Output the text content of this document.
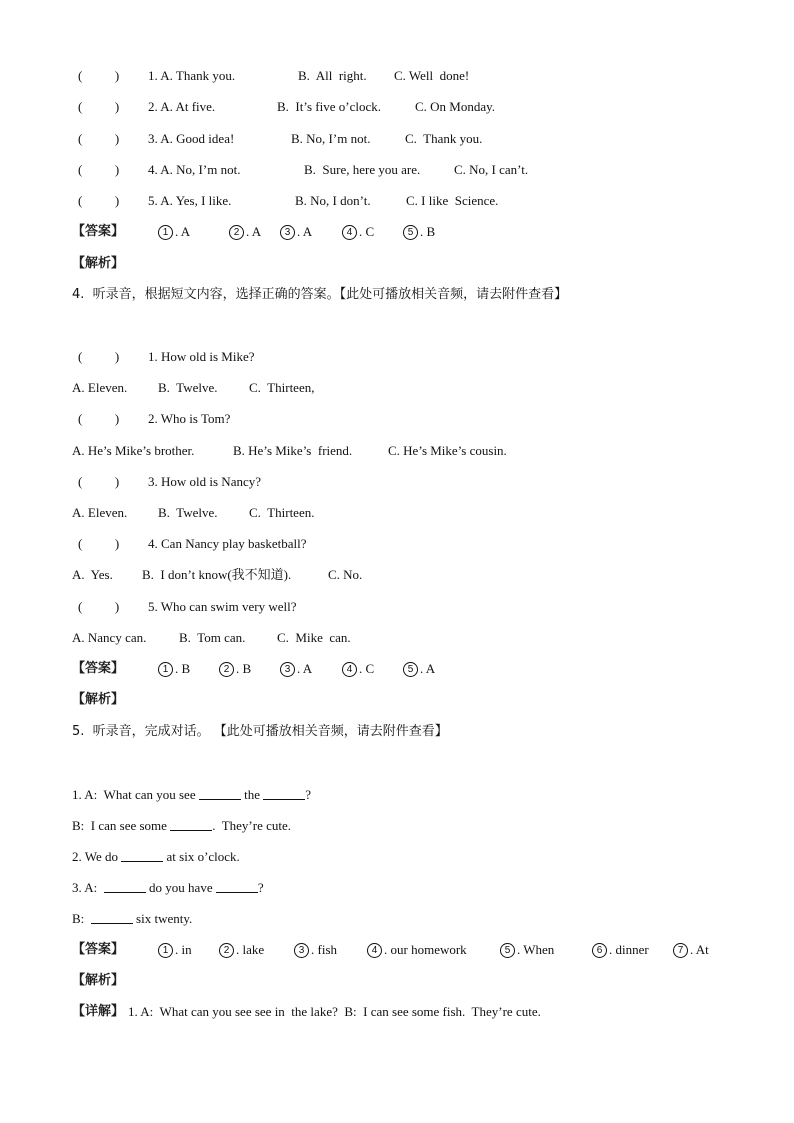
(          )

1. A. Thank you.

	B.  All  right.

C. Well  done!

(          )

2. A. At five.

	B.  It’s five o’clock.

	C. On Monday.

(          )

3. A. Good idea!

	B. No, I’m not.

	C.  Thank you.

(          )

4. A. No, I’m not.

	B.  Sure, here you are.

	C. No, I can’t.

(          )

5. A. Yes, I like.

	B. No, I don’t.

	C. I like  Science.

【答案】

	1 . A

	2 . A

	3 . A

	4 . C

	5 . B

【解析】

4.  听录音，根据短文内容，选择正确的答案。【此处可播放相关音频，请去附件查看】

(          )

1. How old is Mike?

A. Eleven.

B.  Twelve.

C.  Thirteen,

(          )

2. Who is Tom?

A. He’s Mike’s brother.

	B. He’s Mike’s  friend.

	C. He’s Mike’s cousin.

(          )

3. How old is Nancy?

A. Eleven.

B.  Twelve.

C.  Thirteen.

(          )

4. Can Nancy play basketball?

A.  Yes.

B.  I don’t know(我不知道).

	C. No.

(          )

5. Who can swim very well?

A. Nancy can.

	B.  Tom can.

C.  Mike  can.

【答案】

	1 . B

	2 . B

	3 . A

	4 . C

	5 . A

【解析】

5.  听录音，完成对话。 【此处可播放相关音频，请去附件查看】
1. A:  What can you see	the	?
B:  I can see some	.  They’re cute.
2. We do	at six o’clock.
3. A:	do you have	?
B:	six twenty.

【答案】

	1 . in

	2 . lake

	3 . fish

	4 . our homework

	5 . When

	6 . dinner

	7 . At

【解析】

【详解】

1. A:  What can you see see in  the lake?  B:  I can see some fish.  They’re cute.
